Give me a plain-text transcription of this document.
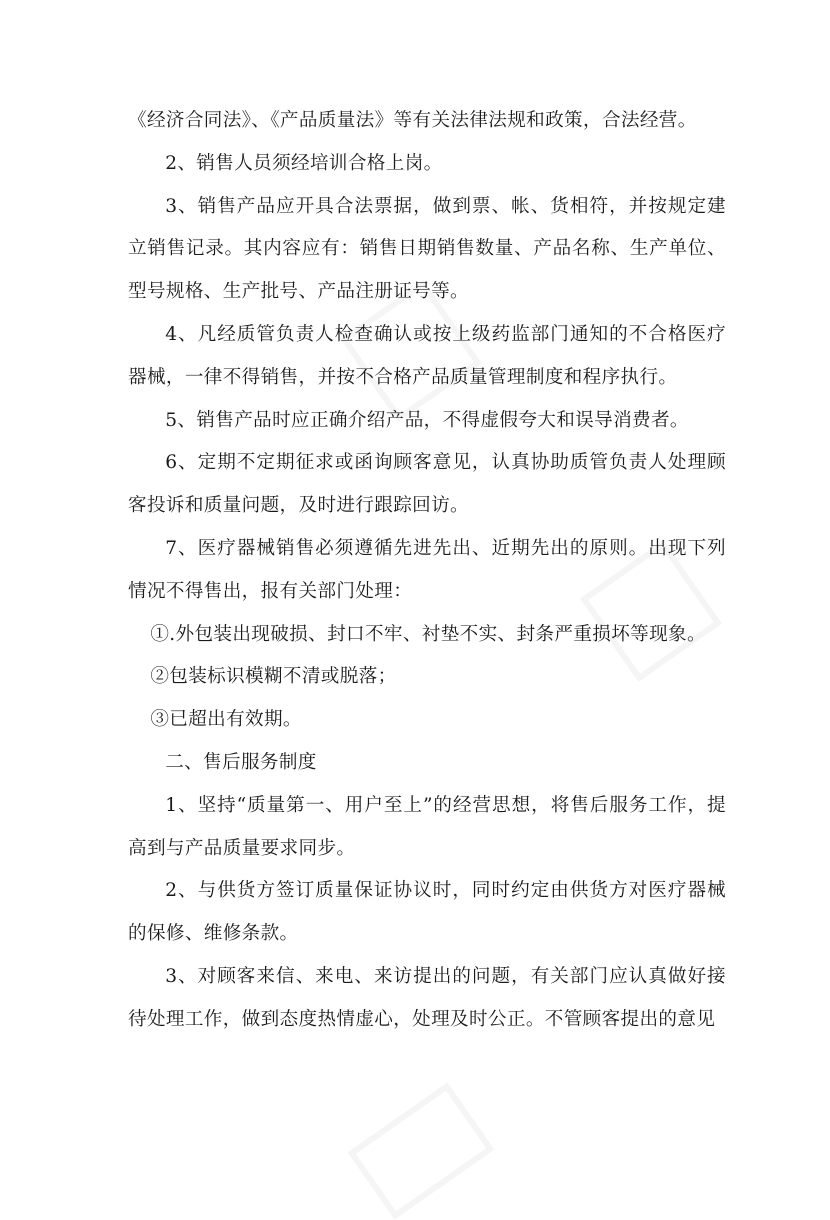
《经济合同法》、《产品质量法》等有关法律法规和政策，合法经营。

2、销售人员须经培训合格上岗。

3、销售产品应开具合法票据，做到票、帐、货相符，并按规定建立销售记录。其内容应有：销售日期销售数量、产品名称、生产单位、型号规格、生产批号、产品注册证号等。

4、凡经质管负责人检查确认或按上级药监部门通知的不合格医疗器械，一律不得销售，并按不合格产品质量管理制度和程序执行。

5、销售产品时应正确介绍产品，不得虚假夸大和误导消费者。

6、定期不定期征求或函询顾客意见，认真协助质管负责人处理顾客投诉和质量问题，及时进行跟踪回访。

7、医疗器械销售必须遵循先进先出、近期先出的原则。出现下列情况不得售出，报有关部门处理：

①.外包装出现破损、封口不牢、衬垫不实、封条严重损坏等现象。

②包装标识模糊不清或脱落；

③已超出有效期。

二、售后服务制度

1、坚持“质量第一、用户至上”的经营思想，将售后服务工作，提高到与产品质量要求同步。

2、与供货方签订质量保证协议时，同时约定由供货方对医疗器械的保修、维修条款。

3、对顾客来信、来电、来访提出的问题，有关部门应认真做好接待处理工作，做到态度热情虚心，处理及时公正。不管顾客提出的意见
